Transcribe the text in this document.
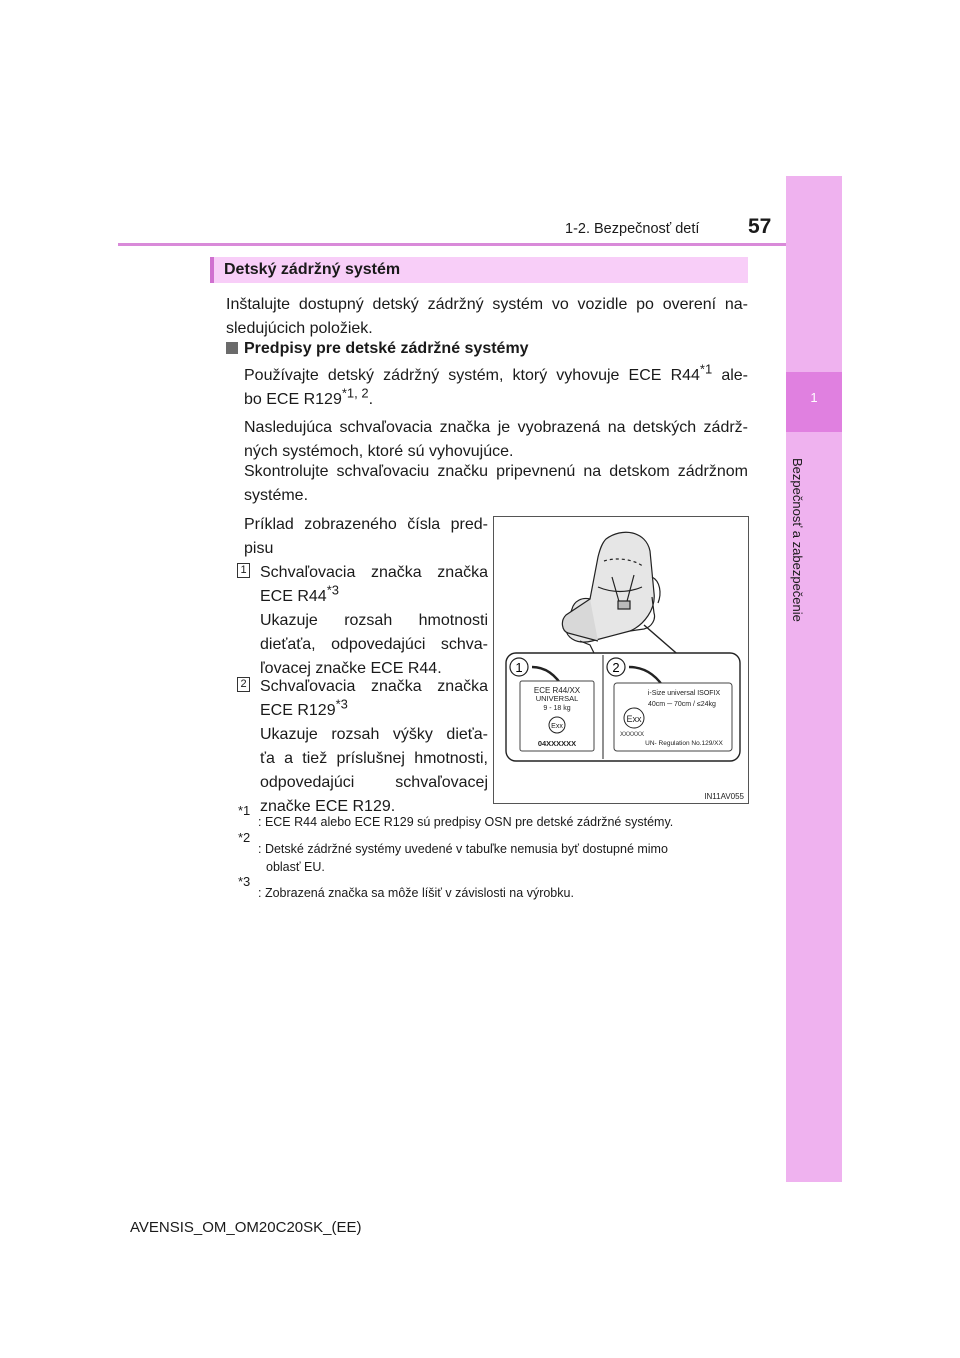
1
Bezpečnosť a zabezpečenie
1-2. Bezpečnosť detí 57
Detský zádržný systém
Inštalujte dostupný detský zádržný systém vo vozidle po overení na-
sledujúcich položiek.
Predpisy pre detské zádržné systémy
Používajte detský zádržný systém, ktorý vyhovuje ECE R44$^{*1}$ ale-
bo ECE R129$^{*1, 2}$.
Nasledujúca schvaľovacia značka je vyobrazená na detských zádrž-
ných systémoch, ktoré sú vyhovujúce.
Skontrolujte schvaľovaciu značku pripevnenú na detskom zádržnom
systéme.
Príklad zobrazeného čísla pred-
pisu
1 Schvaľovacia značka značka
ECE R44$^{*3}$
Ukazuje rozsah hmotnosti
dieťaťa, odpovedajúci schva-
ľovacej značke ECE R44.
2 Schvaľovacia značka značka
ECE R129$^{*3}$
Ukazuje rozsah výšky dieťa-
ťa a tiež príslušnej hmotnosti,
odpovedajúci schvaľovacej
značke ECE R129.
1	2
ECE R44/XX
UNIVERSAL
9 - 18 kg
Exx
04XXXXXX
i-Size universal ISOFIX
40cm ─ 70cm / ≤24kg
Exx
XXXXXX
UN- Regulation No.129/XX
IN11AV055
$^{*1}$
: ECE R44 alebo ECE R129 sú predpisy OSN pre detské zádržné systémy.
$^{*2}$
: Detské zádržné systémy uvedené v tabuľke nemusia byť dostupné mimo
oblasť EU.
$^{*3}$
: Zobrazená značka sa môže líšiť v závislosti na výrobku.
AVENSIS_OM_OM20C20SK_(EE)
